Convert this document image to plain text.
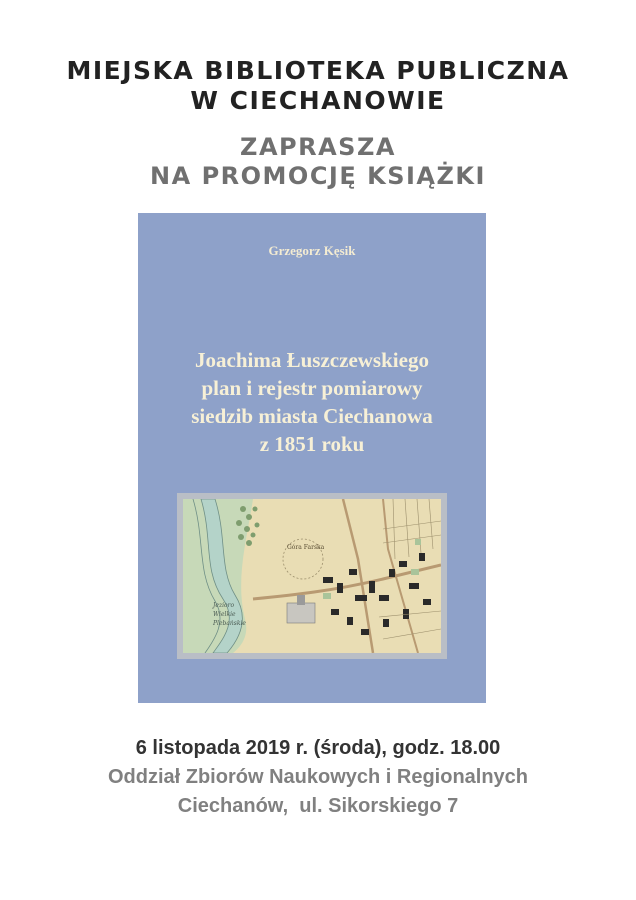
MIEJSKA BIBLIOTEKA PUBLICZNA
W CIECHANOWIE
ZAPRASZA
NA PROMOCJĘ KSIĄŻKI
Grzegorz Kęsik
Joachima Łuszczewskiego
plan i rejestr pomiarowy
siedzib miasta Ciechanowa
z 1851 roku
Góra Farska
Jezioro
Wielkie
Plebańskie
6 listopada 2019 r. (środa), godz. 18.00
Oddział Zbiorów Naukowych i Regionalnych
Ciechanów,  ul. Sikorskiego 7
